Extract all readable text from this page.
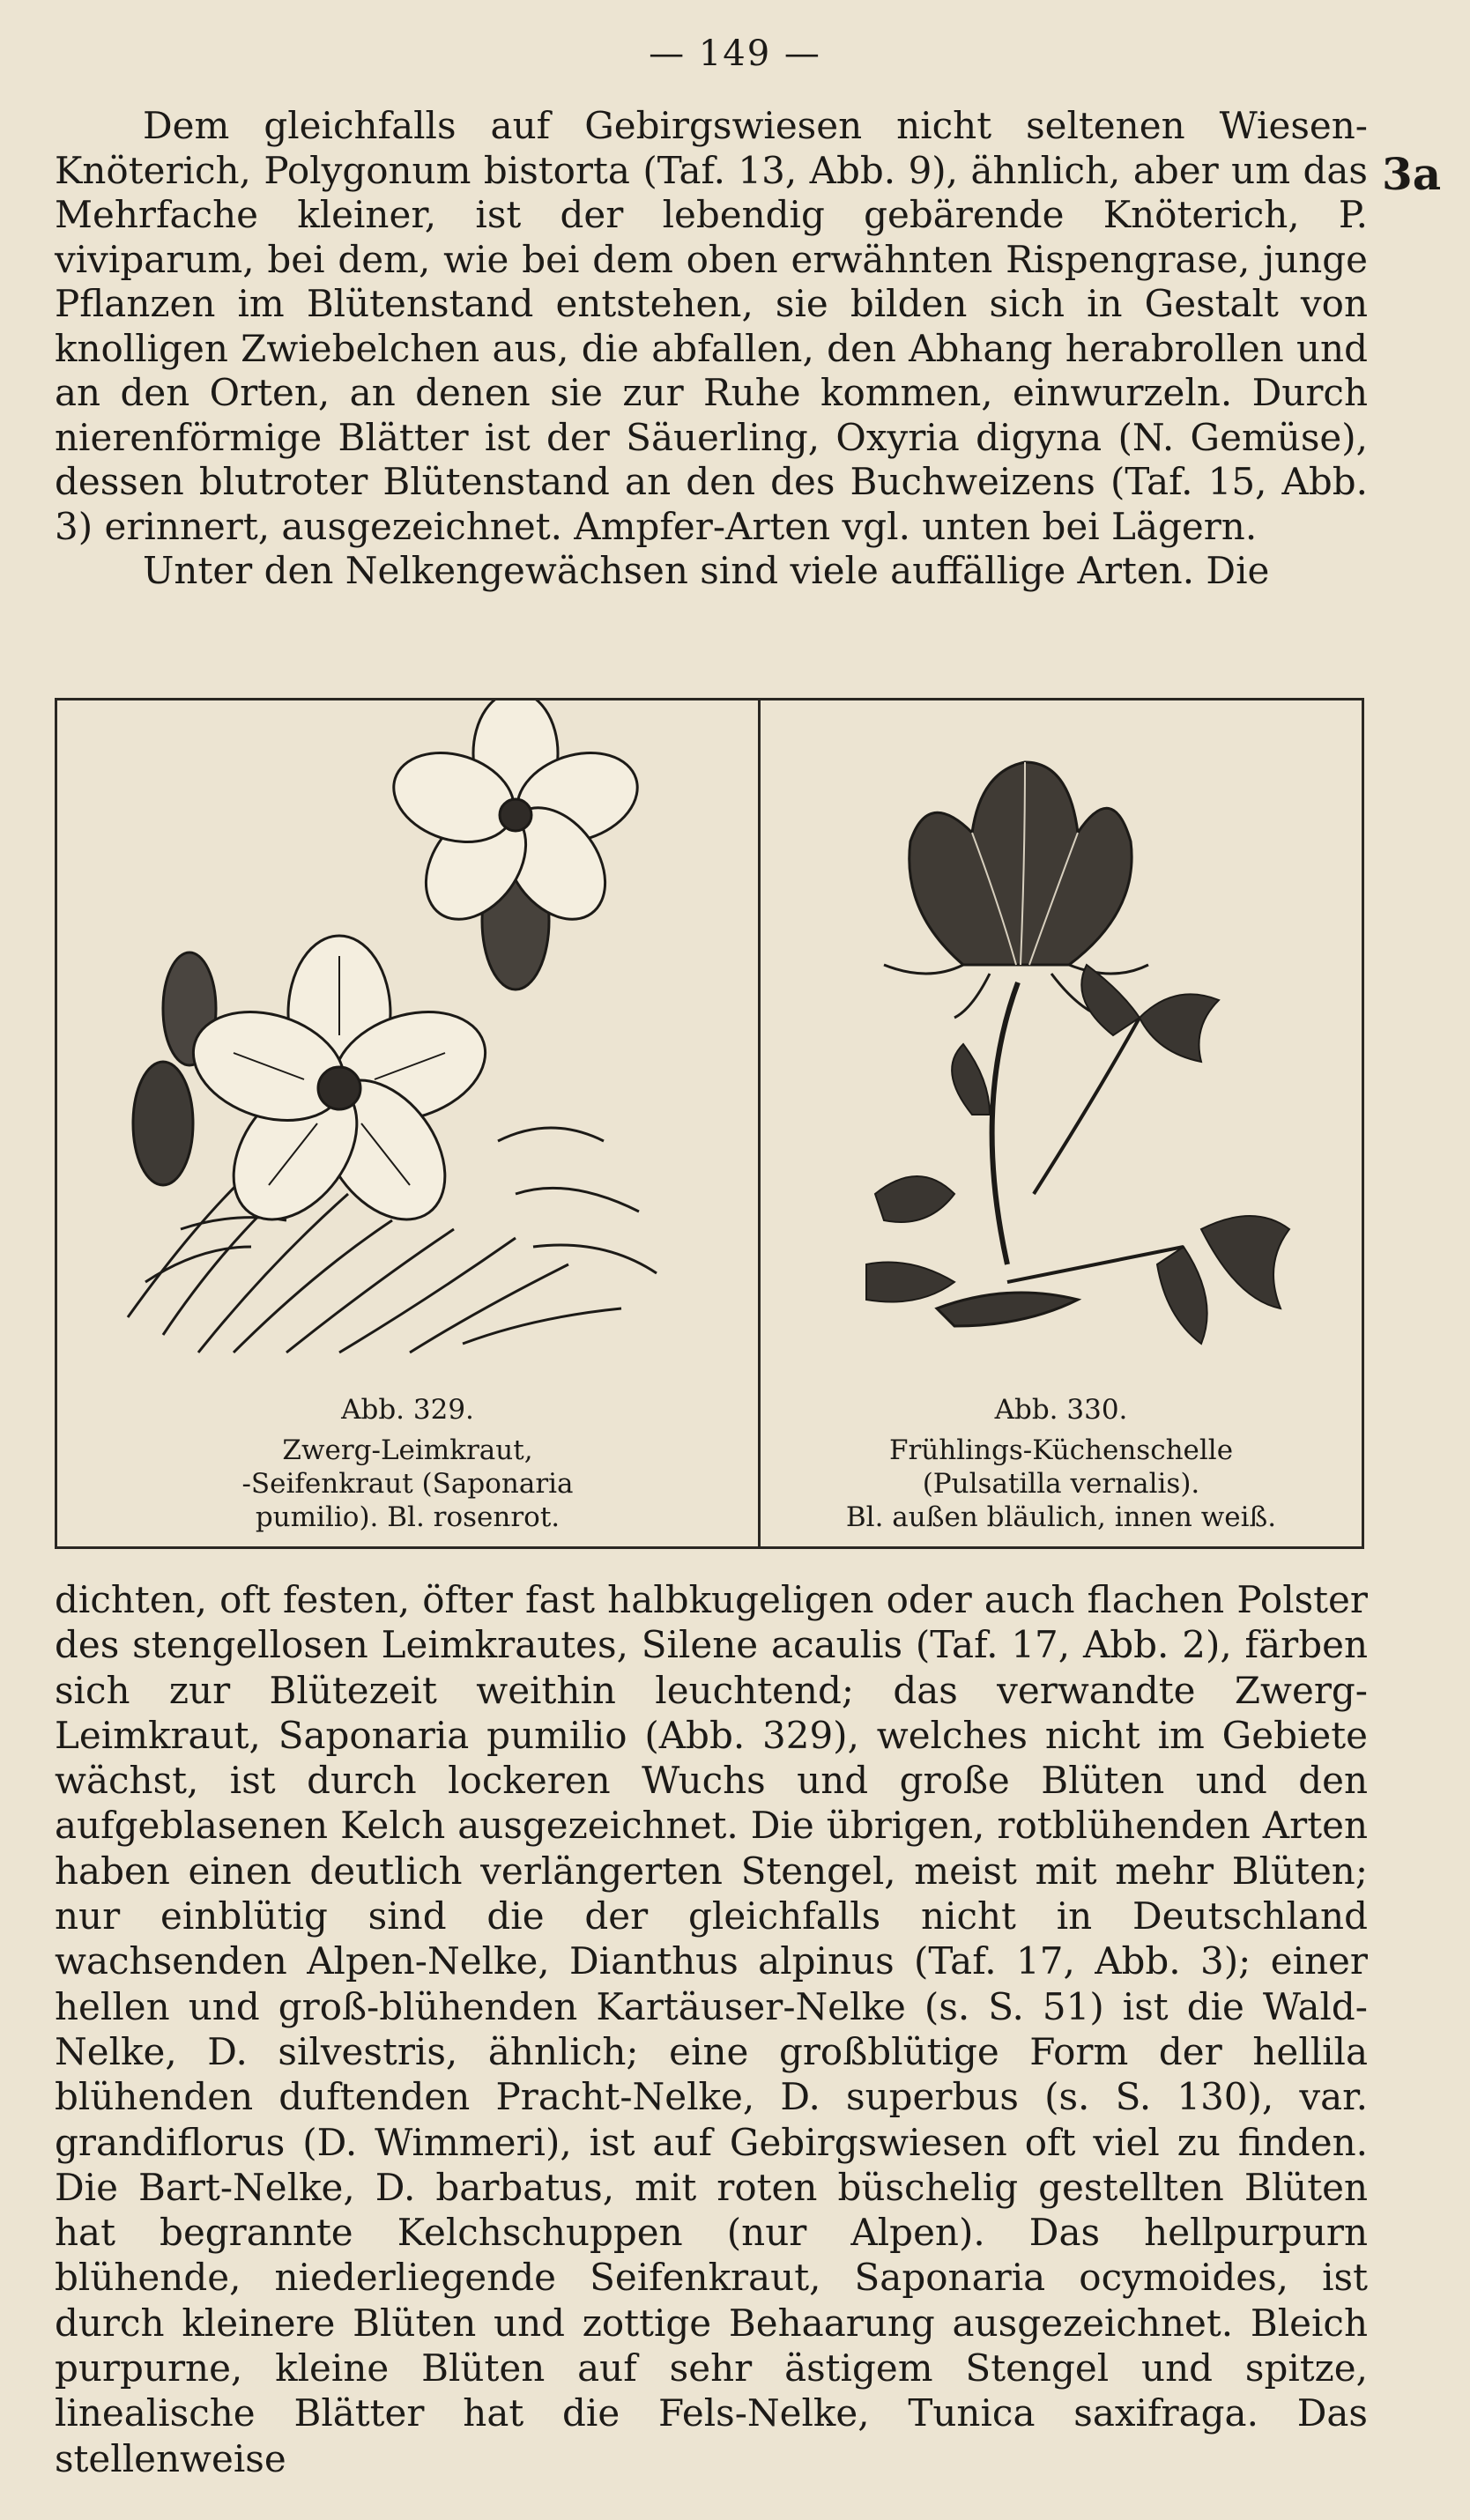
— 149 —
3a

Dem gleichfalls auf Gebirgswiesen nicht seltenen Wiesen-Knöterich, Polygonum bistorta (Taf. 13, Abb. 9), ähnlich, aber um das Mehrfache kleiner, ist der lebendig gebärende Knöterich, P. viviparum, bei dem, wie bei dem oben erwähnten Rispengrase, junge Pflanzen im Blütenstand entstehen, sie bilden sich in Gestalt von knolligen Zwiebelchen aus, die abfallen, den Abhang herabrollen und an den Orten, an denen sie zur Ruhe kommen, einwurzeln. Durch nierenförmige Blätter ist der Säuerling, Oxyria digyna (N. Gemüse), dessen blutroter Blütenstand an den des Buchweizens (Taf. 15, Abb. 3) erinnert, ausgezeichnet. Ampfer-Arten vgl. unten bei Lägern.

Unter den Nelkengewächsen sind viele auffällige Arten. Die

Abb. 329.
Zwerg-Leimkraut,
-Seifenkraut (Saponaria
pumilio). Bl. rosenrot.
Abb. 330.
Frühlings-Küchenschelle
(Pulsatilla vernalis).
Bl. außen bläulich, innen weiß.

dichten, oft festen, öfter fast halbkugeligen oder auch flachen Polster des stengellosen Leimkrautes, Silene acaulis (Taf. 17, Abb. 2), färben sich zur Blütezeit weithin leuchtend; das verwandte Zwerg-Leimkraut, Saponaria pumilio (Abb. 329), welches nicht im Gebiete wächst, ist durch lockeren Wuchs und große Blüten und den aufgeblasenen Kelch ausgezeichnet. Die übrigen, rotblühenden Arten haben einen deutlich verlängerten Stengel, meist mit mehr Blüten; nur einblütig sind die der gleichfalls nicht in Deutschland wachsenden Alpen-Nelke, Dianthus alpinus (Taf. 17, Abb. 3); einer hellen und groß-blühenden Kartäuser-Nelke (s. S. 51) ist die Wald-Nelke, D. silvestris, ähnlich; eine großblütige Form der hellila blühenden duftenden Pracht-Nelke, D. superbus (s. S. 130), var. grandiflorus (D. Wimmeri), ist auf Gebirgswiesen oft viel zu finden. Die Bart-Nelke, D. barbatus, mit roten büschelig gestellten Blüten hat begrannte Kelchschuppen (nur Alpen). Das hellpurpurn blühende, niederliegende Seifenkraut, Saponaria ocymoides, ist durch kleinere Blüten und zottige Behaarung ausgezeichnet. Bleich purpurne, kleine Blüten auf sehr ästigem Stengel und spitze, linealische Blätter hat die Fels-Nelke, Tunica saxifraga. Das stellenweise
